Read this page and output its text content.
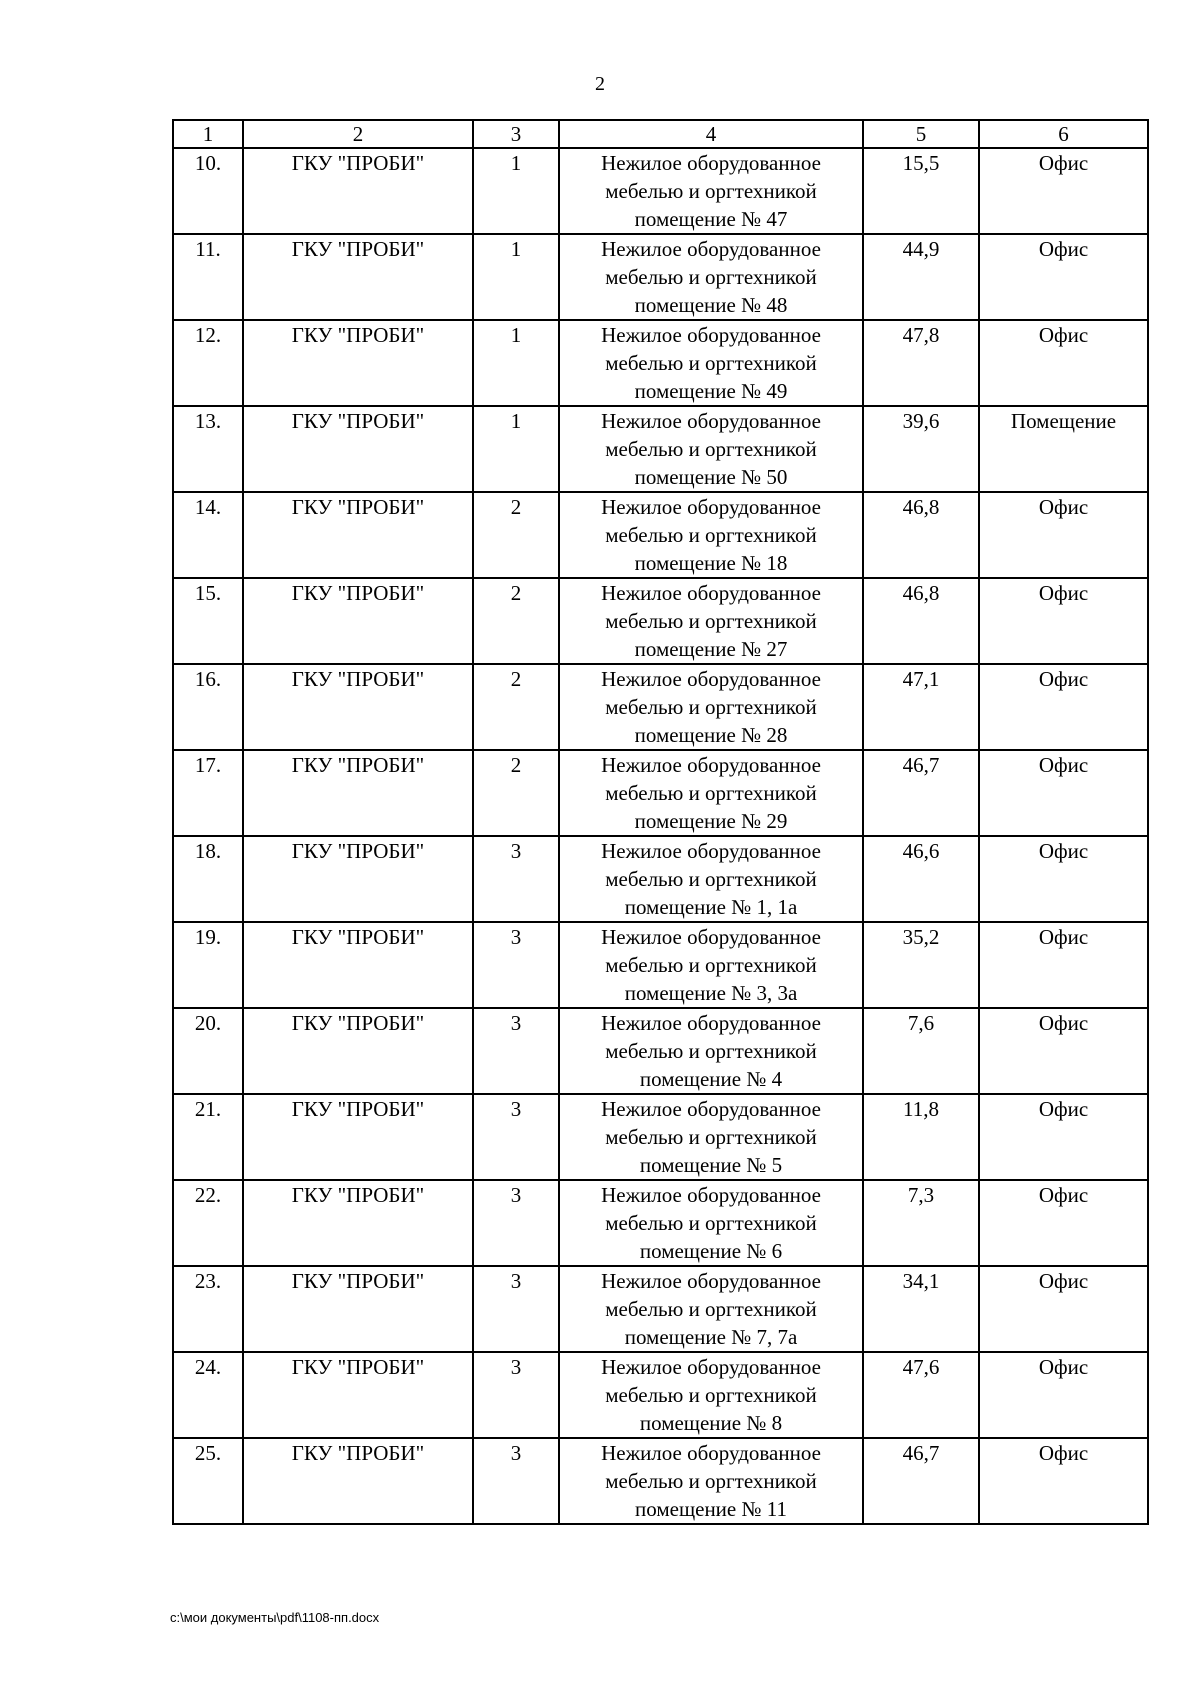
2
1	2	3	4	5	6
10.	ГКУ "ПРОБИ"	1	Нежилое оборудованное
мебелью и оргтехникой
помещение № 47	15,5	Офис
11.	ГКУ "ПРОБИ"	1	Нежилое оборудованное
мебелью и оргтехникой
помещение № 48	44,9	Офис
12.	ГКУ "ПРОБИ"	1	Нежилое оборудованное
мебелью и оргтехникой
помещение № 49	47,8	Офис
13.	ГКУ "ПРОБИ"	1	Нежилое оборудованное
мебелью и оргтехникой
помещение № 50	39,6	Помещение
14.	ГКУ "ПРОБИ"	2	Нежилое оборудованное
мебелью и оргтехникой
помещение № 18	46,8	Офис
15.	ГКУ "ПРОБИ"	2	Нежилое оборудованное
мебелью и оргтехникой
помещение № 27	46,8	Офис
16.	ГКУ "ПРОБИ"	2	Нежилое оборудованное
мебелью и оргтехникой
помещение № 28	47,1	Офис
17.	ГКУ "ПРОБИ"	2	Нежилое оборудованное
мебелью и оргтехникой
помещение № 29	46,7	Офис
18.	ГКУ "ПРОБИ"	3	Нежилое оборудованное
мебелью и оргтехникой
помещение № 1, 1а	46,6	Офис
19.	ГКУ "ПРОБИ"	3	Нежилое оборудованное
мебелью и оргтехникой
помещение № 3, 3а	35,2	Офис
20.	ГКУ "ПРОБИ"	3	Нежилое оборудованное
мебелью и оргтехникой
помещение № 4	7,6	Офис
21.	ГКУ "ПРОБИ"	3	Нежилое оборудованное
мебелью и оргтехникой
помещение № 5	11,8	Офис
22.	ГКУ "ПРОБИ"	3	Нежилое оборудованное
мебелью и оргтехникой
помещение № 6	7,3	Офис
23.	ГКУ "ПРОБИ"	3	Нежилое оборудованное
мебелью и оргтехникой
помещение № 7, 7а	34,1	Офис
24.	ГКУ "ПРОБИ"	3	Нежилое оборудованное
мебелью и оргтехникой
помещение № 8	47,6	Офис
25.	ГКУ "ПРОБИ"	3	Нежилое оборудованное
мебелью и оргтехникой
помещение № 11	46,7	Офис
c:\мои документы\pdf\1108-пп.docx
